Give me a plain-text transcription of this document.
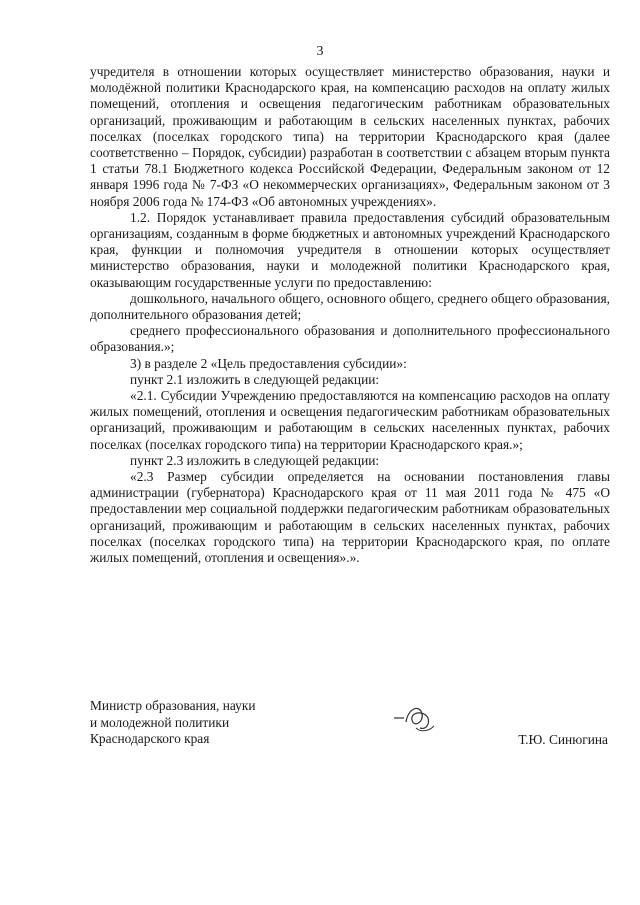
3

учредителя в отношении которых осуществляет министерство образования, науки и молодёжной политики Краснодарского края, на компенсацию расходов на оплату жилых помещений, отопления и освещения педагогическим работникам образовательных организаций, проживающим и работающим в сельских населенных пунктах, рабочих поселках (поселках городского типа) на территории Краснодарского края (далее соответственно – Порядок, субсидии) разработан в соответствии с абзацем вторым пункта 1 статьи 78.1 Бюджетного кодекса Российской Федерации, Федеральным законом от 12 января 1996 года № 7-ФЗ «О некоммерческих организациях», Федеральным законом от 3 ноября 2006 года № 174-ФЗ «Об автономных учреждениях».

1.2. Порядок устанавливает правила предоставления субсидий образовательным организациям, созданным в форме бюджетных и автономных учреждений Краснодарского края, функции и полномочия учредителя в отношении которых осуществляет министерство образования, науки и молодежной политики Краснодарского края, оказывающим государственные услуги по предоставлению:

дошкольного, начального общего, основного общего, среднего общего образования, дополнительного образования детей;

среднего профессионального образования и дополнительного профессионального образования.»;

3) в разделе 2 «Цель предоставления субсидии»:

пункт 2.1 изложить в следующей редакции:

«2.1. Субсидии Учреждению предоставляются на компенсацию расходов на оплату жилых помещений, отопления и освещения педагогическим работникам образовательных организаций, проживающим и работающим в сельских населенных пунктах, рабочих поселках (поселках городского типа) на территории Краснодарского края.»;

пункт 2.3 изложить в следующей редакции:

«2.3 Размер субсидии определяется на основании постановления главы администрации (губернатора) Краснодарского края от 11 мая 2011 года № 475 «О предоставлении мер социальной поддержки педагогическим работникам образовательных организаций, проживающим и работающим в сельских населенных пунктах, рабочих поселках (поселках городского типа) на территории Краснодарского края, по оплате жилых помещений, отопления и освещения».».

Министр образования, науки
и молодежной политики
Краснодарского края	Т.Ю. Синюгина
